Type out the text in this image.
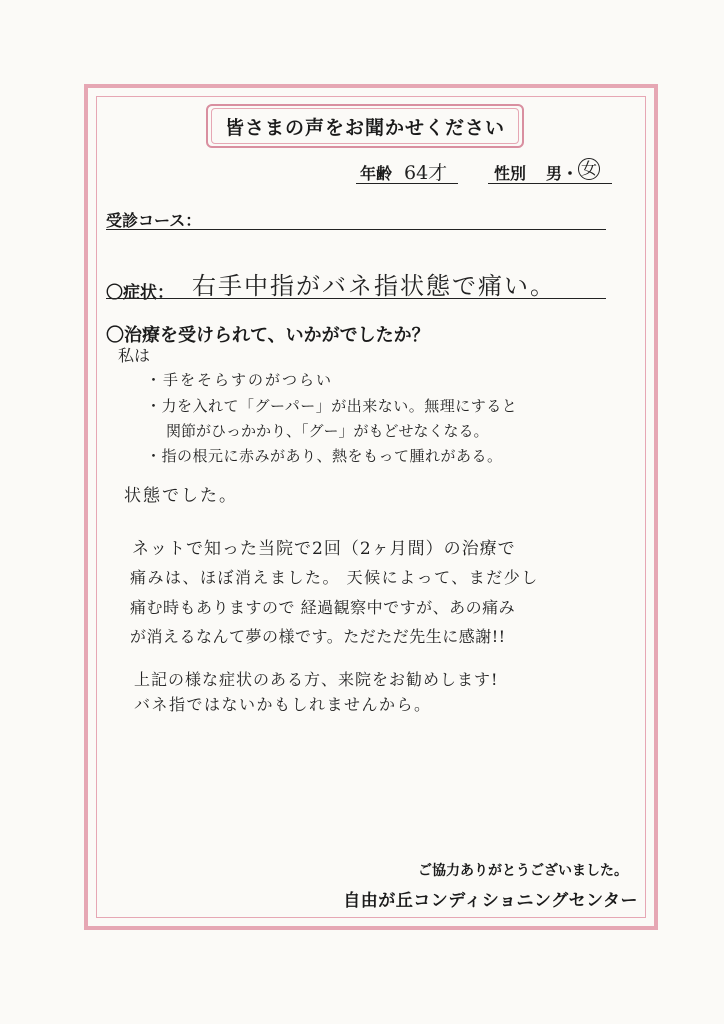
皆さまの声をお聞かせください
年齢 64才	性別 男・ 女
受診コース：
〇症状： 右手中指がバネ指状態で痛い。
〇治療を受けられて、いかがでしたか？
私は
・手をそらすのがつらい
・力を入れて「グーパー」が出来ない。無理にすると
関節がひっかかり、「グー」がもどせなくなる。
・指の根元に赤みがあり、熱をもって腫れがある。
状態でした。
ネットで知った当院で2回（2ヶ月間）の治療で
痛みは、ほぼ消えました。 天候によって、まだ少し
痛む時もありますので 経過観察中ですが、あの痛み
が消えるなんて夢の様です。ただただ先生に感謝!!
上記の様な症状のある方、来院をお勧めします!
バネ指ではないかもしれませんから。
ご協力ありがとうございました。
自由が丘コンディショニングセンター
